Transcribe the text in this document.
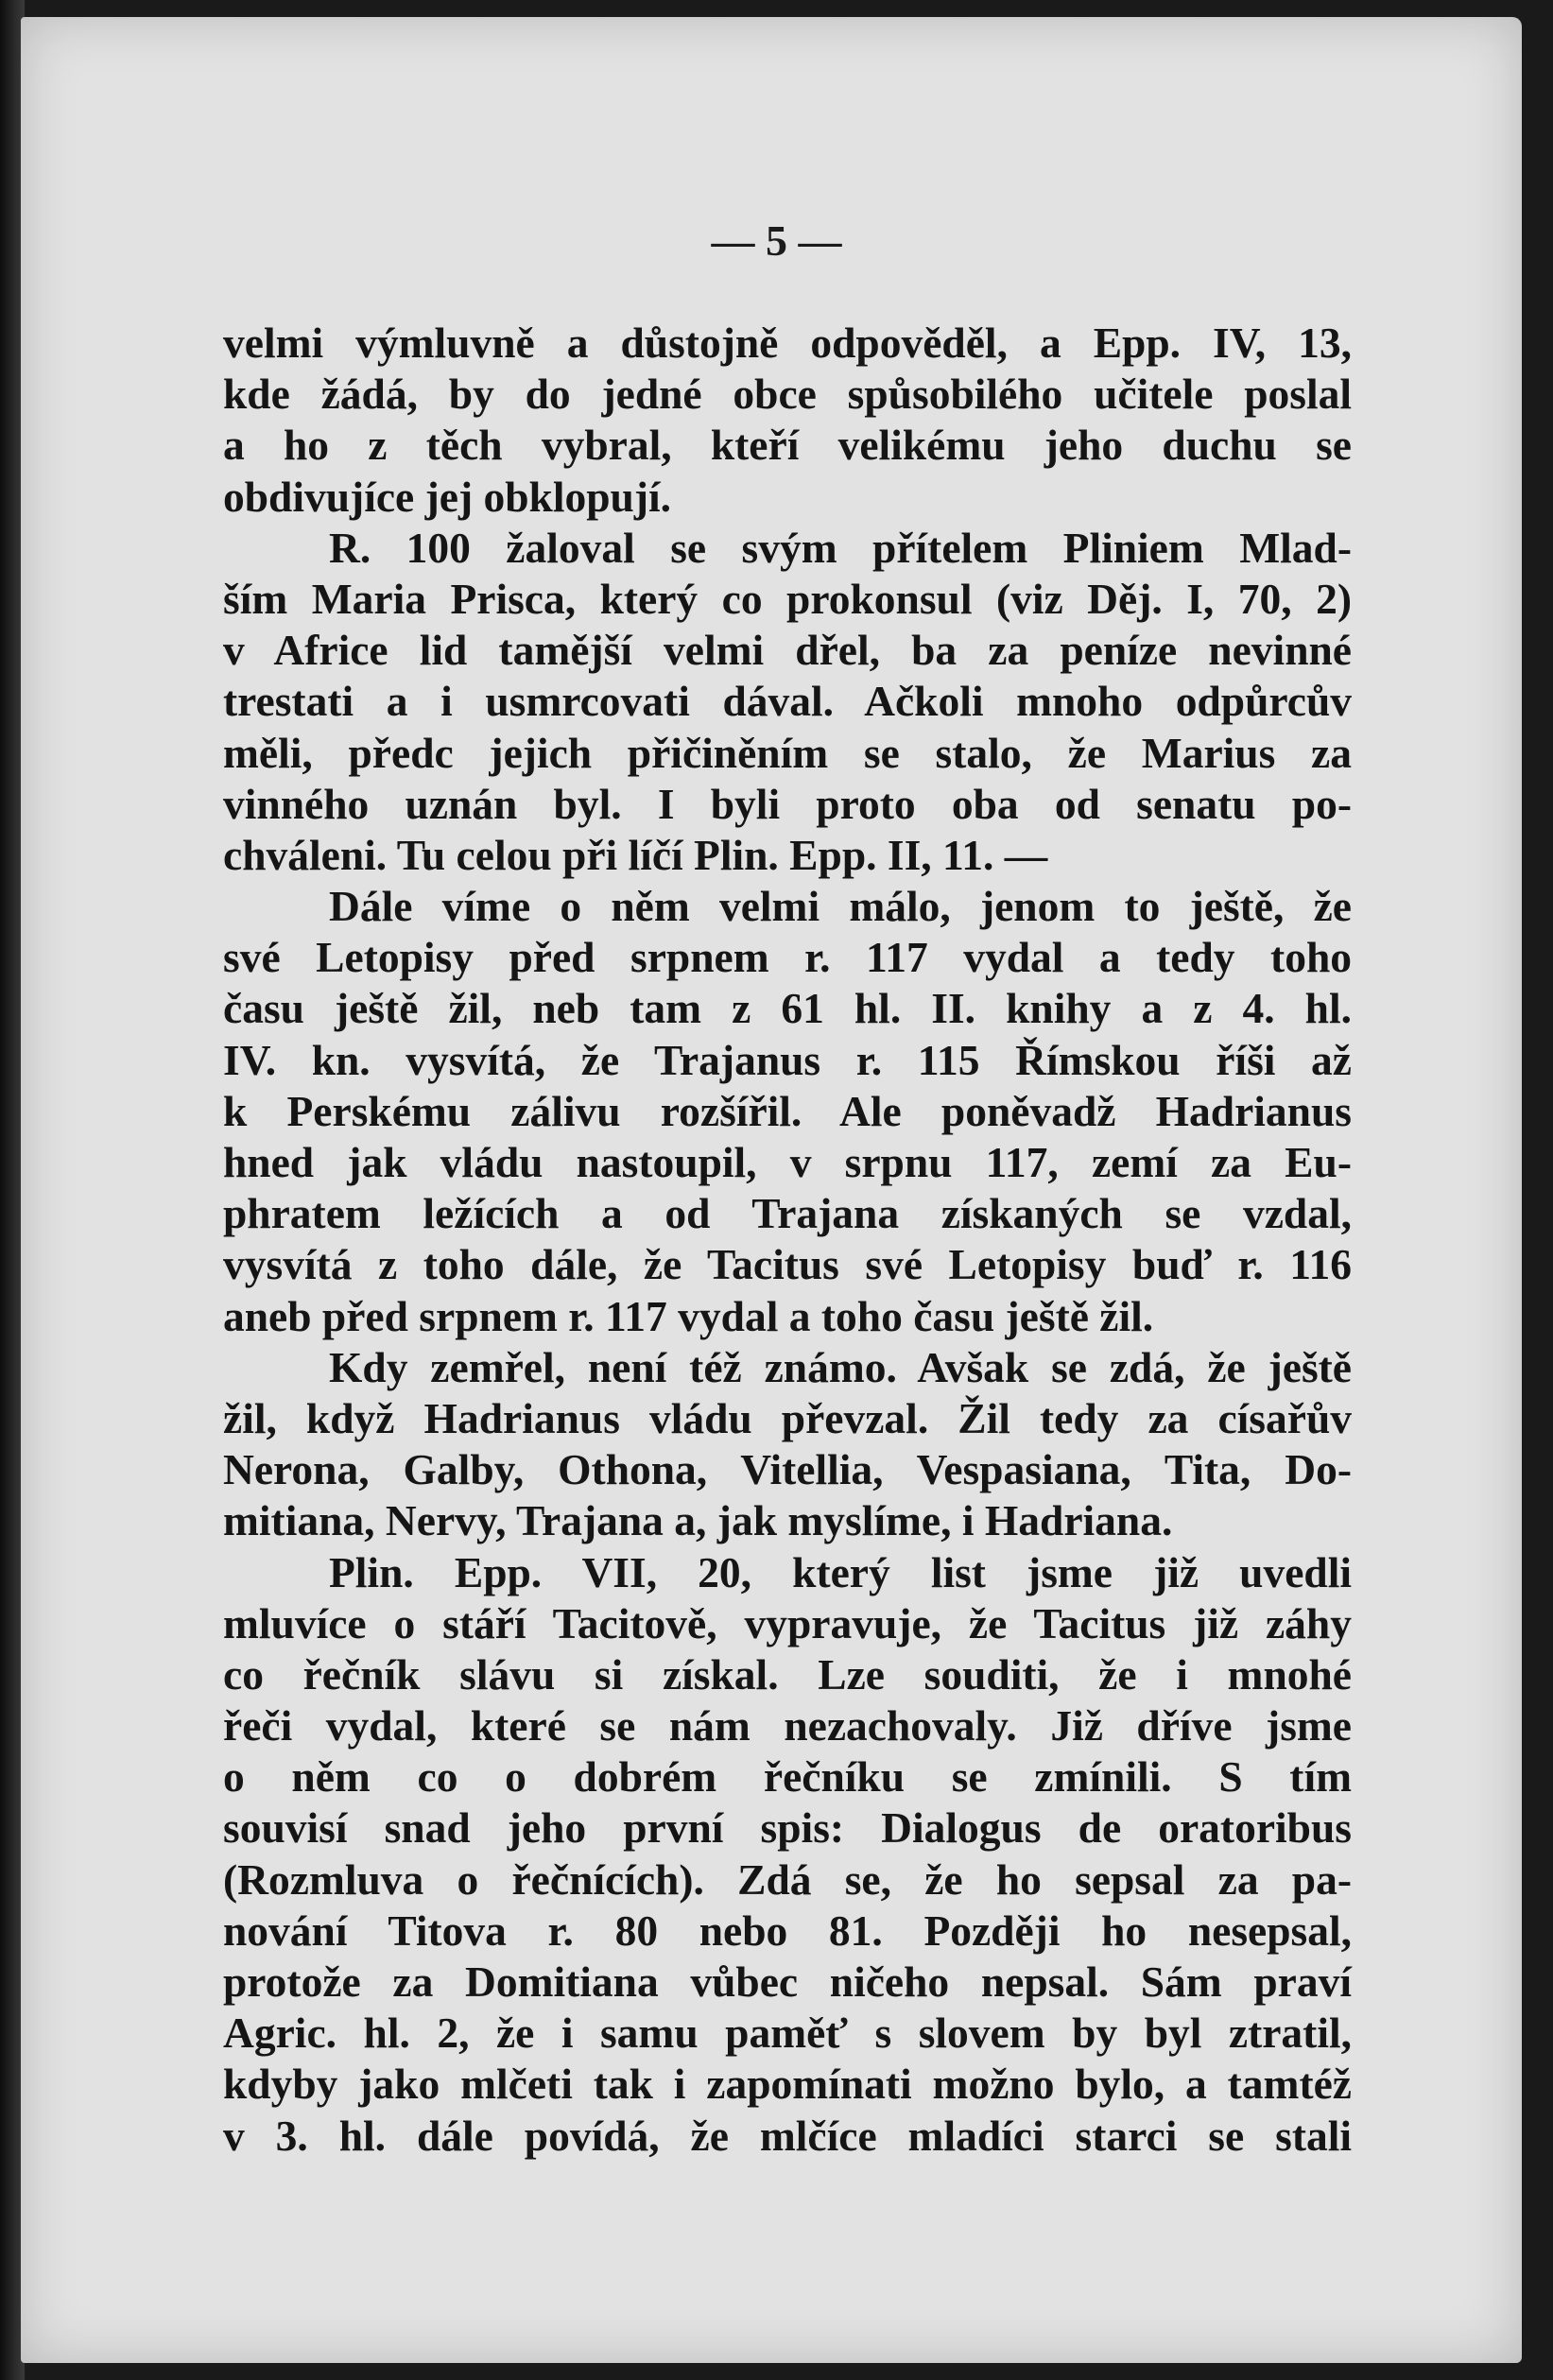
— 5 —
velmi výmluvně a důstojně odpověděl, a Epp. IV, 13,
kde žádá, by do jedné obce spůsobilého učitele poslal
a ho z těch vybral, kteří velikému jeho duchu se
obdivujíce jej obklopují.
R. 100 žaloval se svým přítelem Pliniem Mlad-
ším Maria Prisca, který co prokonsul (viz Děj. I, 70, 2)
v Africe lid tamější velmi dřel, ba za peníze nevinné
trestati a i usmrcovati dával. Ačkoli mnoho odpůrcův
měli, předc jejich přičiněním se stalo, že Marius za
vinného uznán byl. I byli proto oba od senatu po-
chváleni. Tu celou při líčí Plin. Epp. II, 11. —
Dále víme o něm velmi málo, jenom to ještě, že
své Letopisy před srpnem r. 117 vydal a tedy toho
času ještě žil, neb tam z 61 hl. II. knihy a z 4. hl.
IV. kn. vysvítá, že Trajanus r. 115 Římskou říši až
k Perskému zálivu rozšířil. Ale poněvadž Hadrianus
hned jak vládu nastoupil, v srpnu 117, zemí za Eu-
phratem ležících a od Trajana získaných se vzdal,
vysvítá z toho dále, že Tacitus své Letopisy buď r. 116
aneb před srpnem r. 117 vydal a toho času ještě žil.
Kdy zemřel, není též známo. Avšak se zdá, že ještě
žil, když Hadrianus vládu převzal. Žil tedy za císařův
Nerona, Galby, Othona, Vitellia, Vespasiana, Tita, Do-
mitiana, Nervy, Trajana a, jak myslíme, i Hadriana.
Plin. Epp. VII, 20, který list jsme již uvedli
mluvíce o stáří Tacitově, vypravuje, že Tacitus již záhy
co řečník slávu si získal. Lze souditi, že i mnohé
řeči vydal, které se nám nezachovaly. Již dříve jsme
o něm co o dobrém řečníku se zmínili. S tím
souvisí snad jeho první spis: Dialogus de oratoribus
(Rozmluva o řečnících). Zdá se, že ho sepsal za pa-
nování Titova r. 80 nebo 81. Později ho nesepsal,
protože za Domitiana vůbec ničeho nepsal. Sám praví
Agric. hl. 2, že i samu paměť s slovem by byl ztratil,
kdyby jako mlčeti tak i zapomínati možno bylo, a tamtéž
v 3. hl. dále povídá, že mlčíce mladíci starci se stali
